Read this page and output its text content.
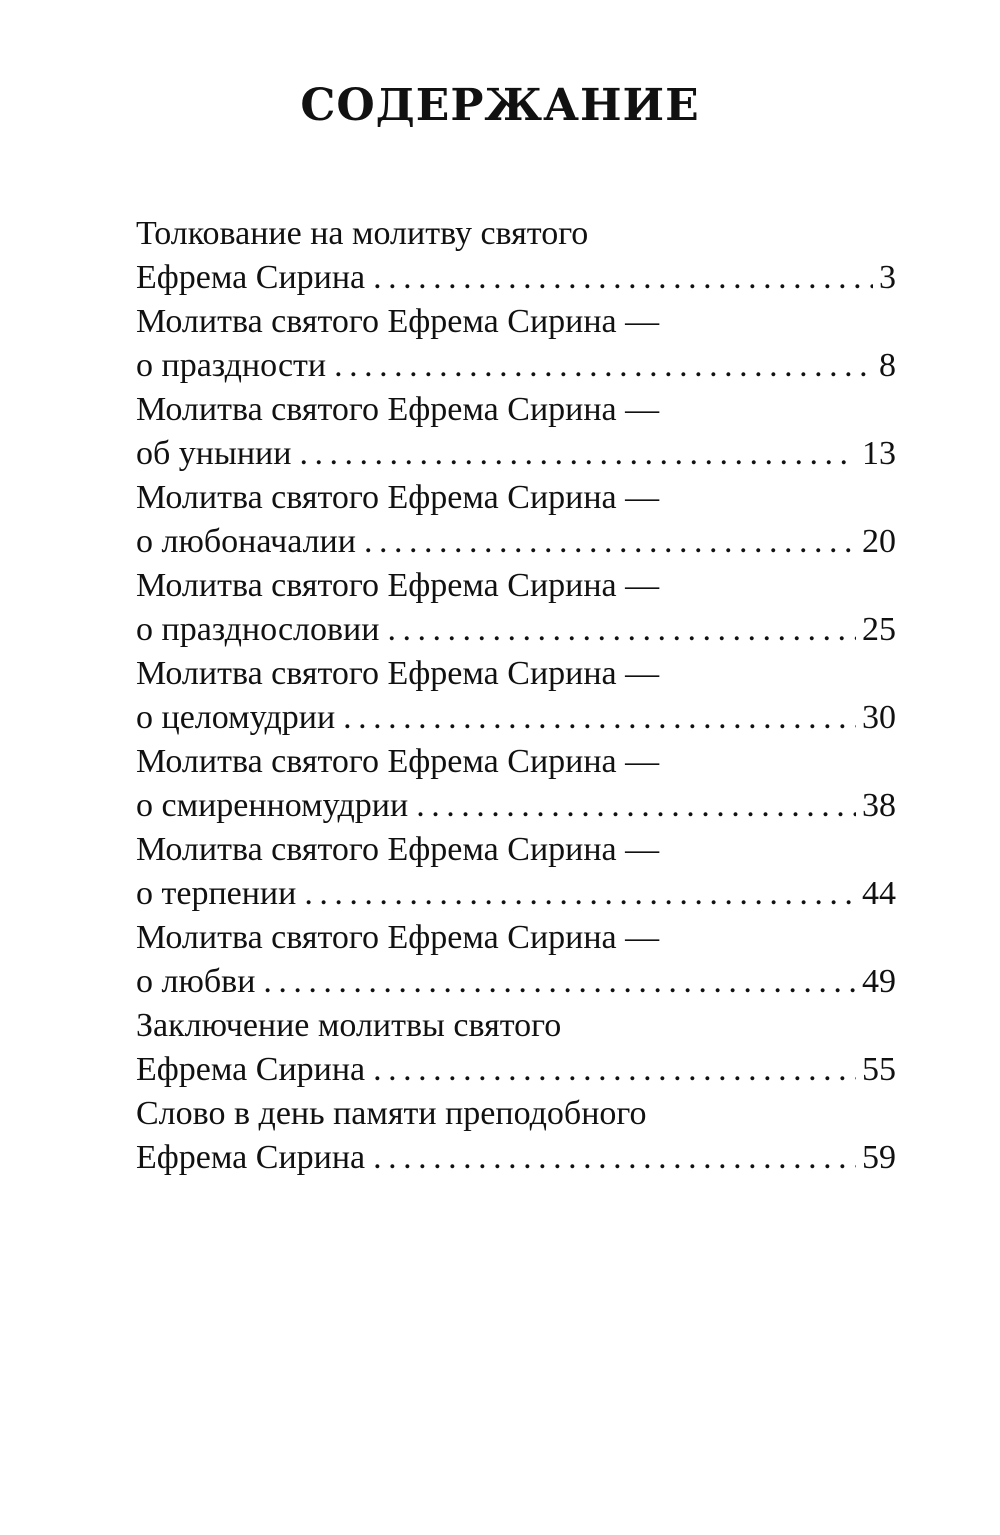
СОДЕРЖАНИЕ
Толкование на молитву святого
Ефрема Сирина . . .	3
Молитва святого Ефрема Сирина —
о праздности . . .	8
Молитва святого Ефрема Сирина —
об унынии . . .	13
Молитва святого Ефрема Сирина —
о любоначалии . . .	20
Молитва святого Ефрема Сирина —
о празднословии . . .	25
Молитва святого Ефрема Сирина —
о целомудрии . . .	30
Молитва святого Ефрема Сирина —
о смиренномудрии . . .	38
Молитва святого Ефрема Сирина —
о терпении . . .	44
Молитва святого Ефрема Сирина —
о любви . . .	49
Заключение молитвы святого
Ефрема Сирина . . .	55
Слово в день памяти преподобного
Ефрема Сирина . . .	59
